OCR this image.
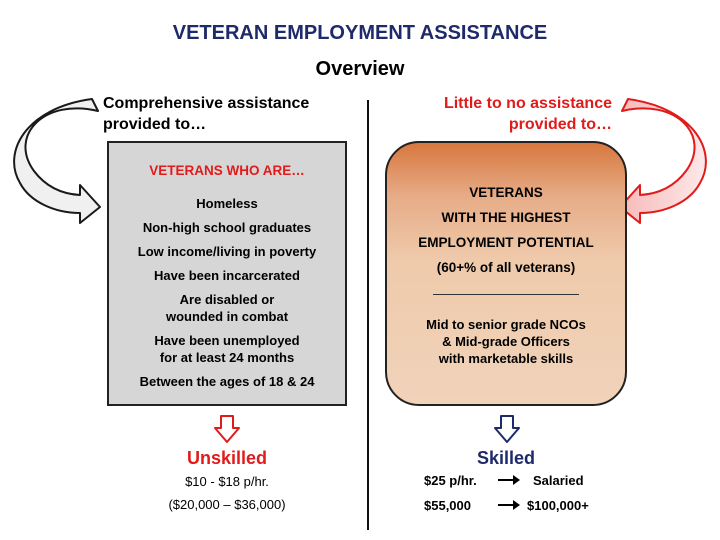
VETERAN EMPLOYMENT ASSISTANCE
Overview
Comprehensive assistance
provided to…
Little to no assistance
provided to…
VETERANS WHO ARE…
Homeless
Non-high school graduates
Low income/living in poverty
Have been incarcerated
Are disabled or
wounded in combat
Have been unemployed
for at least 24 months
Between the ages of 18 & 24
VETERANS
WITH THE HIGHEST
EMPLOYMENT POTENTIAL
(60+% of all veterans)
Mid to senior grade NCOs
& Mid-grade Officers
with marketable skills
Unskilled
$10 - $18 p/hr.
($20,000 – $36,000)
Skilled
$25 p/hr.	Salaried
$55,000	$100,000+
